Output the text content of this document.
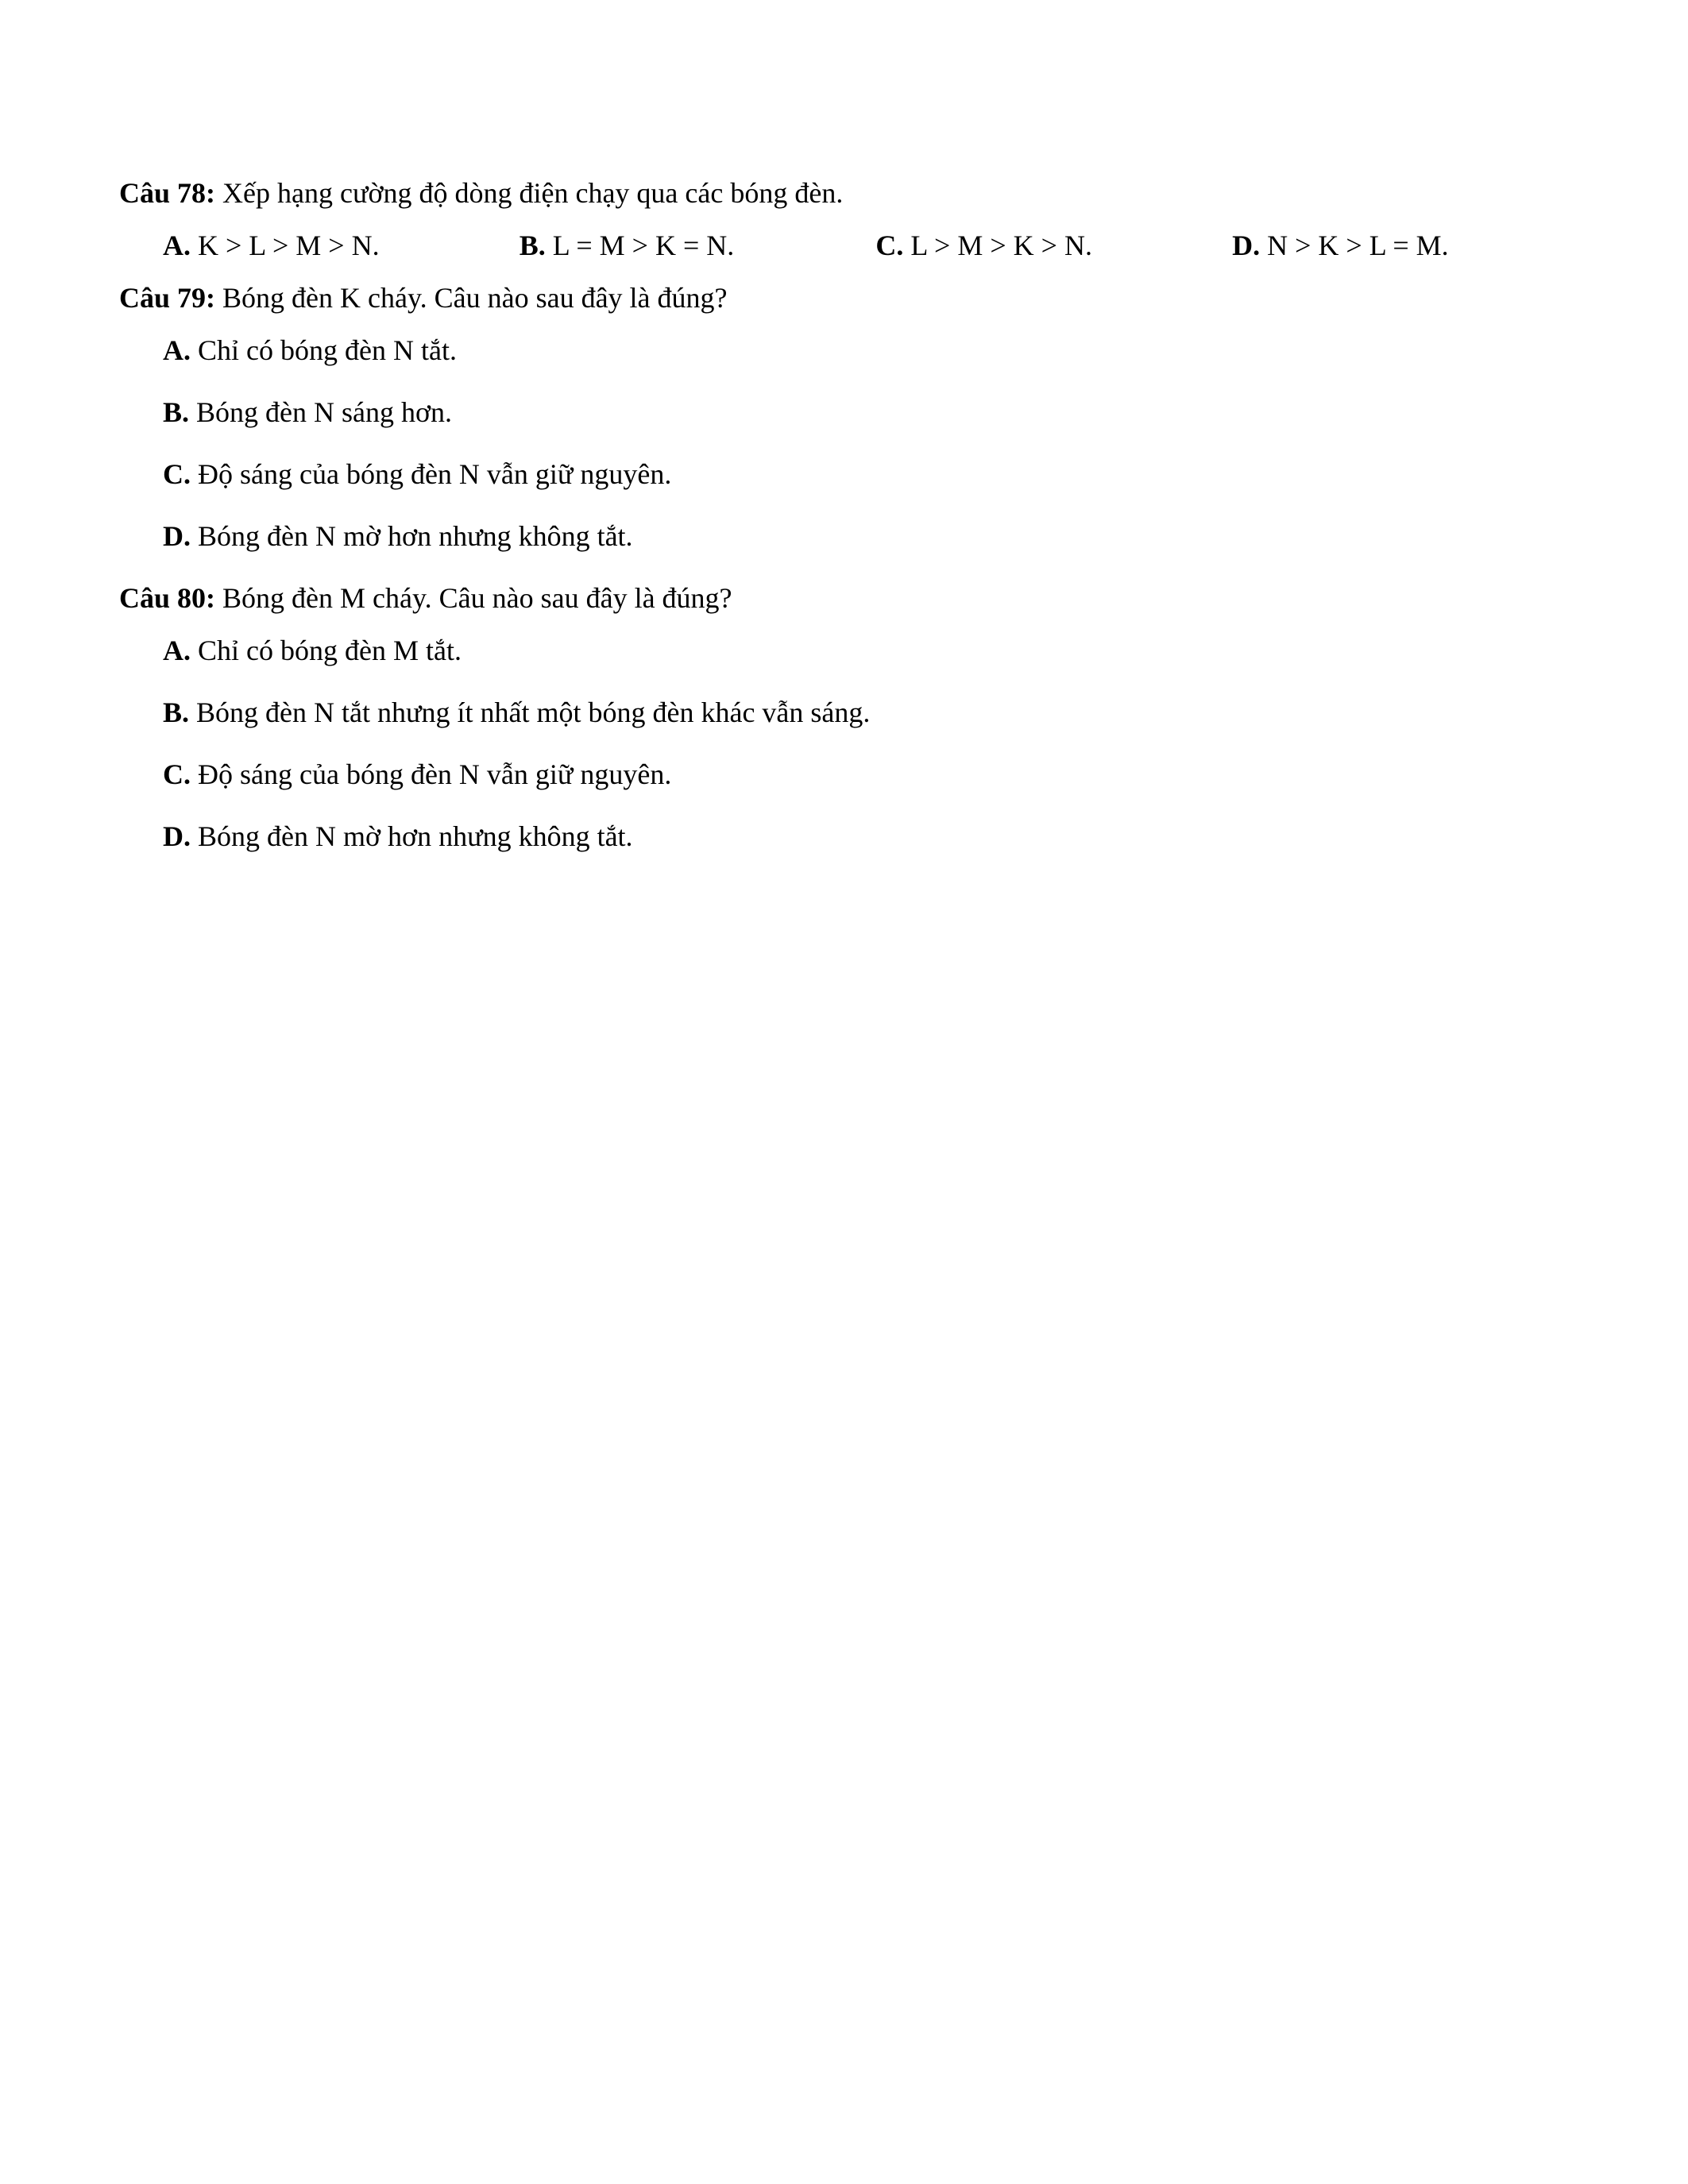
Câu 78: Xếp hạng cường độ dòng điện chạy qua các bóng đèn.

A. K > L > M > N.	B. L = M > K = N.	C. L > M > K > N.	D. N > K > L = M.

Câu 79: Bóng đèn K cháy. Câu nào sau đây là đúng?

A. Chỉ có bóng đèn N tắt.
B. Bóng đèn N sáng hơn.
C. Độ sáng của bóng đèn N vẫn giữ nguyên.
D. Bóng đèn N mờ hơn nhưng không tắt.

Câu 80: Bóng đèn M cháy. Câu nào sau đây là đúng?

A. Chỉ có bóng đèn M tắt.
B. Bóng đèn N tắt nhưng ít nhất một bóng đèn khác vẫn sáng.
C. Độ sáng của bóng đèn N vẫn giữ nguyên.
D. Bóng đèn N mờ hơn nhưng không tắt.
